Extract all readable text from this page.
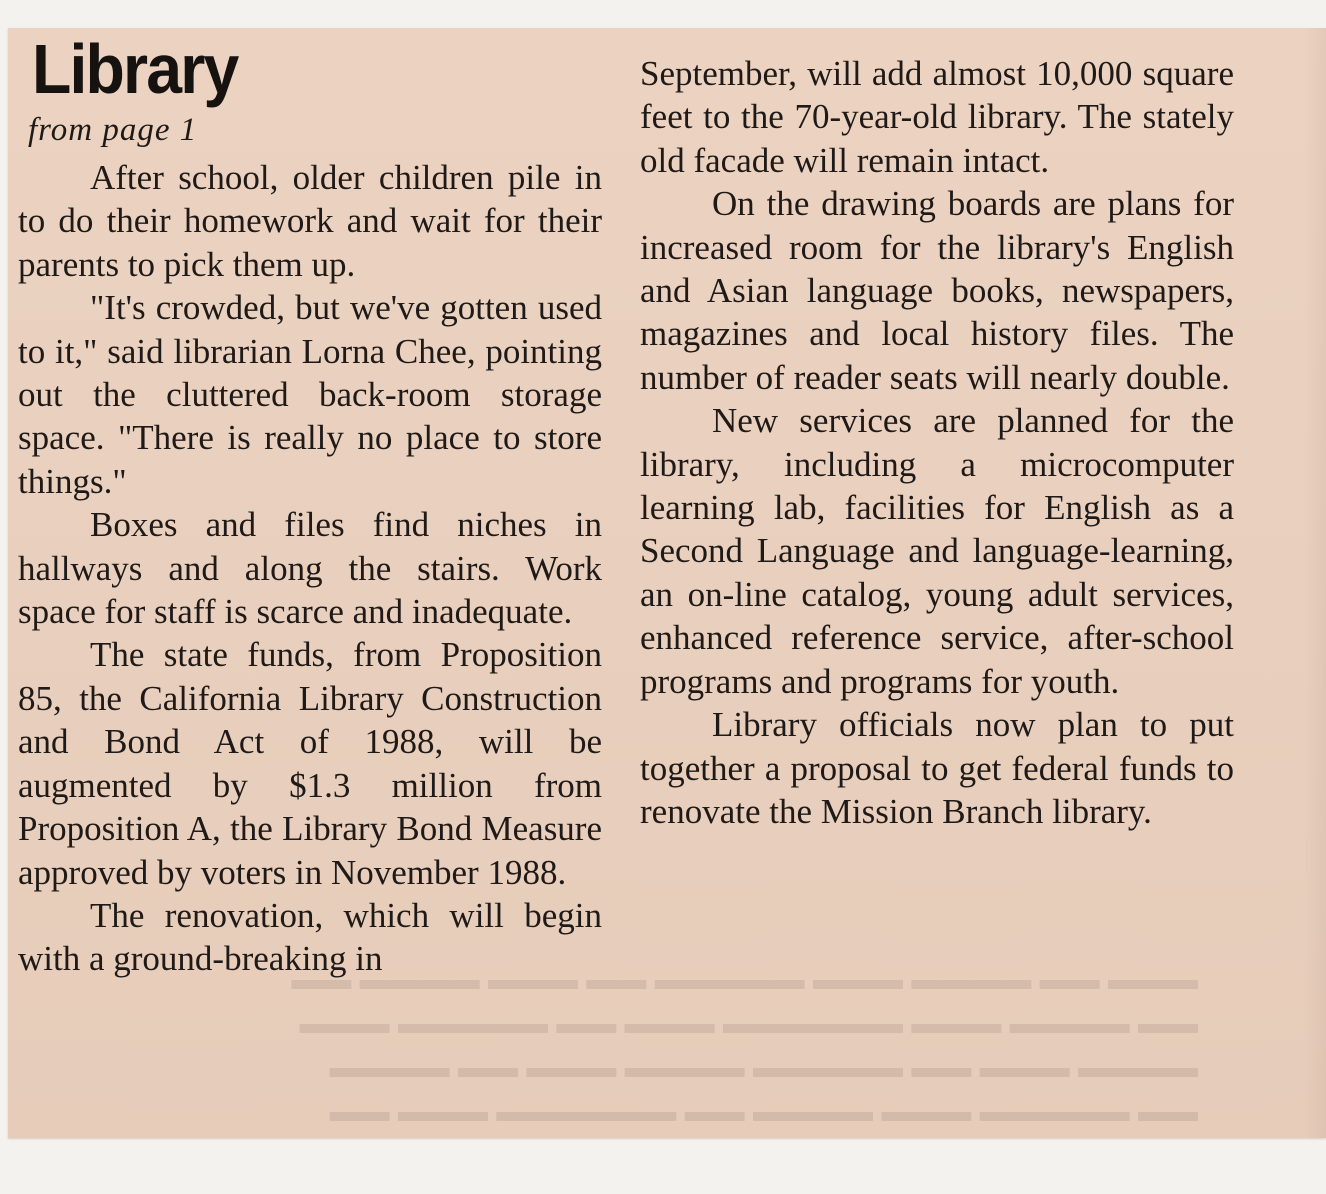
▬▬▬ ▬▬ ▬▬▬▬ ▬▬▬ ▬▬▬▬▬ ▬▬ ▬▬▬ ▬▬▬▬ ▬▬
▬▬ ▬▬▬▬ ▬▬▬ ▬▬▬▬▬▬ ▬▬▬ ▬▬ ▬▬▬▬▬ ▬▬▬
▬▬▬▬ ▬▬▬ ▬▬ ▬▬▬▬▬ ▬▬▬▬ ▬▬▬ ▬▬ ▬▬▬▬
▬▬ ▬▬▬▬▬ ▬▬▬ ▬▬▬▬ ▬▬ ▬▬▬▬▬▬ ▬▬▬ ▬▬
Library
from page 1

After school, older children pile in to do their homework and wait for their parents to pick them up.

"It's crowded, but we've gotten used to it," said librarian Lorna Chee, pointing out the cluttered back-room storage space. "There is really no place to store things."

Boxes and files find niches in hallways and along the stairs. Work space for staff is scarce and inadequate.

The state funds, from Proposition 85, the California Library Construction and Bond Act of 1988, will be augmented by $1.3 million from Proposition A, the Library Bond Measure approved by voters in November 1988.

The renovation, which will begin with a ground-breaking in

September, will add almost 10,000 square feet to the 70-year-old library. The stately old facade will remain intact.

On the drawing boards are plans for increased room for the library's English and Asian language books, newspapers, magazines and local history files. The number of reader seats will nearly double.

New services are planned for the library, including a microcomputer learning lab, facilities for English as a Second Language and language-learning, an on-line catalog, young adult services, enhanced reference service, after-school programs and programs for youth.

Library officials now plan to put together a proposal to get federal funds to renovate the Mission Branch library.
